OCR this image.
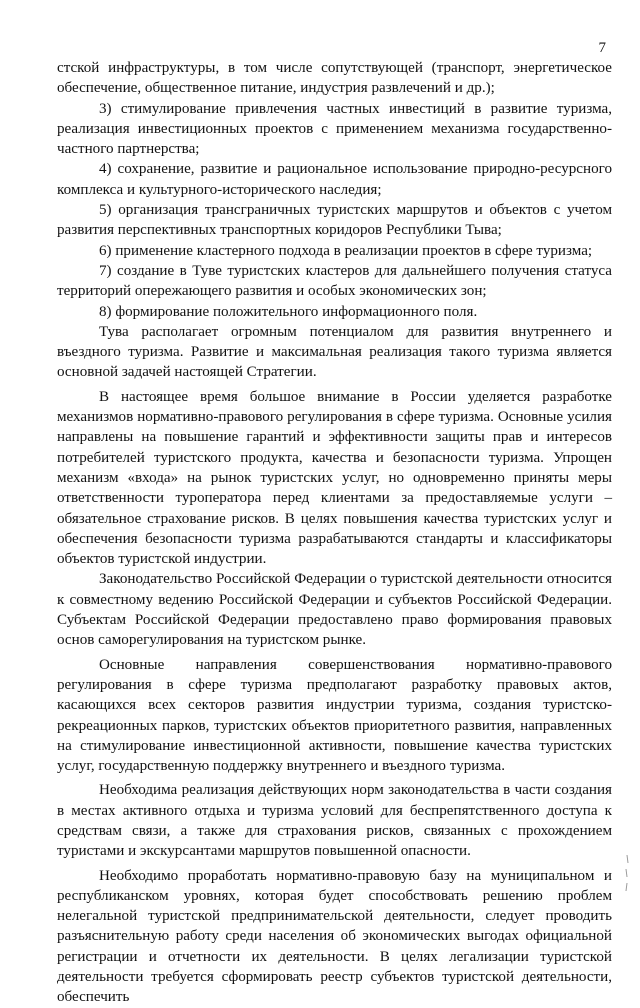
7

стской инфраструктуры, в том числе сопутствующей (транспорт, энергетическое обеспечение, общественное питание, индустрия развлечений и др.);

3) стимулирование привлечения частных инвестиций в развитие туризма, реализация инвестиционных проектов с применением механизма государственно-частного партнерства;

4) сохранение, развитие и рациональное использование природно-ресурсного комплекса и культурного-исторического наследия;

5) организация трансграничных туристских маршрутов и объектов с учетом развития перспективных транспортных коридоров Республики Тыва;

6) применение кластерного подхода в реализации проектов в сфере туризма;

7) создание в Туве туристских кластеров для дальнейшего получения статуса территорий опережающего развития и особых экономических зон;

8) формирование положительного информационного поля.

Тува располагает огромным потенциалом для развития внутреннего и въездного туризма. Развитие и максимальная реализация такого туризма является основной задачей настоящей Стратегии.

В настоящее время большое внимание в России уделяется разработке механизмов нормативно-правового регулирования в сфере туризма. Основные усилия направлены на повышение гарантий и эффективности защиты прав и интересов потребителей туристского продукта, качества и безопасности туризма. Упрощен механизм «входа» на рынок туристских услуг, но одновременно приняты меры ответственности туроператора перед клиентами за предоставляемые услуги – обязательное страхование рисков. В целях повышения качества туристских услуг и обеспечения безопасности туризма разрабатываются стандарты и классификаторы объектов туристской индустрии.

Законодательство Российской Федерации о туристской деятельности относится к совместному ведению Российской Федерации и субъектов Российской Федерации. Субъектам Российской Федерации предоставлено право формирования правовых основ саморегулирования на туристском рынке.

Основные направления совершенствования нормативно-правового регулирования в сфере туризма предполагают разработку правовых актов, касающихся всех секторов развития индустрии туризма, создания туристско-рекреационных парков, туристских объектов приоритетного развития, направленных на стимулирование инвестиционной активности, повышение качества туристских услуг, государственную поддержку внутреннего и въездного туризма.

Необходима реализация действующих норм законодательства в части создания в местах активного отдыха и туризма условий для беспрепятственного доступа к средствам связи, а также для страхования рисков, связанных с прохождением туристами и экскурсантами маршрутов повышенной опасности.

Необходимо проработать нормативно-правовую базу на муниципальном и республиканском уровнях, которая будет способствовать решению проблем нелегальной туристской предпринимательской деятельности, следует проводить разъяснительную работу среди населения об экономических выгодах официальной регистрации и отчетности их деятельности. В целях легализации туристской деятельности требуется сформировать реестр субъектов туристской деятельности, обеспечить
